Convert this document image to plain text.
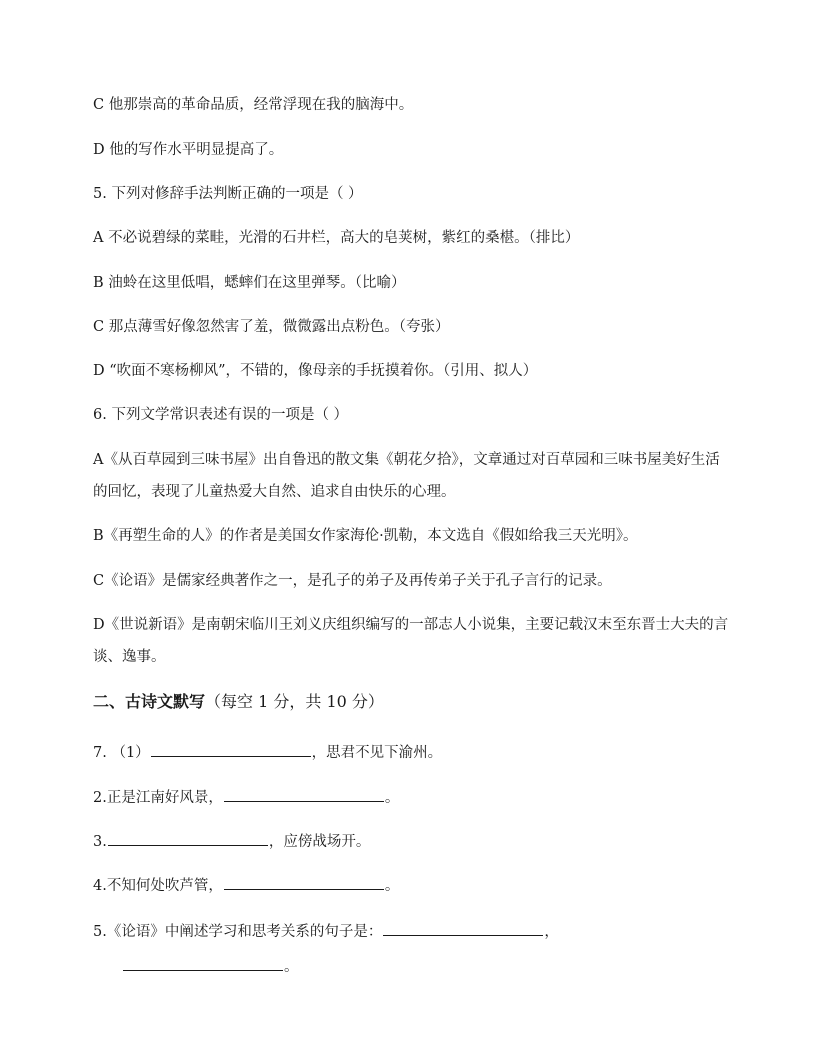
C 他那崇高的革命品质，经常浮现在我的脑海中。
D 他的写作水平明显提高了。
5. 下列对修辞手法判断正确的一项是（ ）
A 不必说碧绿的菜畦，光滑的石井栏，高大的皂荚树，紫红的桑椹。（排比）
B 油蛉在这里低唱，蟋蟀们在这里弹琴。（比喻）
C 那点薄雪好像忽然害了羞，微微露出点粉色。（夸张）
D “吹面不寒杨柳风”，不错的，像母亲的手抚摸着你。（引用、拟人）
6. 下列文学常识表述有误的一项是（ ）
A《从百草园到三味书屋》出自鲁迅的散文集《朝花夕拾》，文章通过对百草园和三味书屋美好生活的回忆，表现了儿童热爱大自然、追求自由快乐的心理。
B《再塑生命的人》的作者是美国女作家海伦·凯勒，本文选自《假如给我三天光明》。
C《论语》是儒家经典著作之一，是孔子的弟子及再传弟子关于孔子言行的记录。
D《世说新语》是南朝宋临川王刘义庆组织编写的一部志人小说集，主要记载汉末至东晋士大夫的言谈、逸事。
二、古诗文默写（每空 1 分，共 10 分）
7. （1）	，思君不见下渝州。
2.正是江南好风景，	。
3.	，应傍战场开。
4.不知何处吹芦管，	。
5.《论语》中阐述学习和思考关系的句子是：	，
。
